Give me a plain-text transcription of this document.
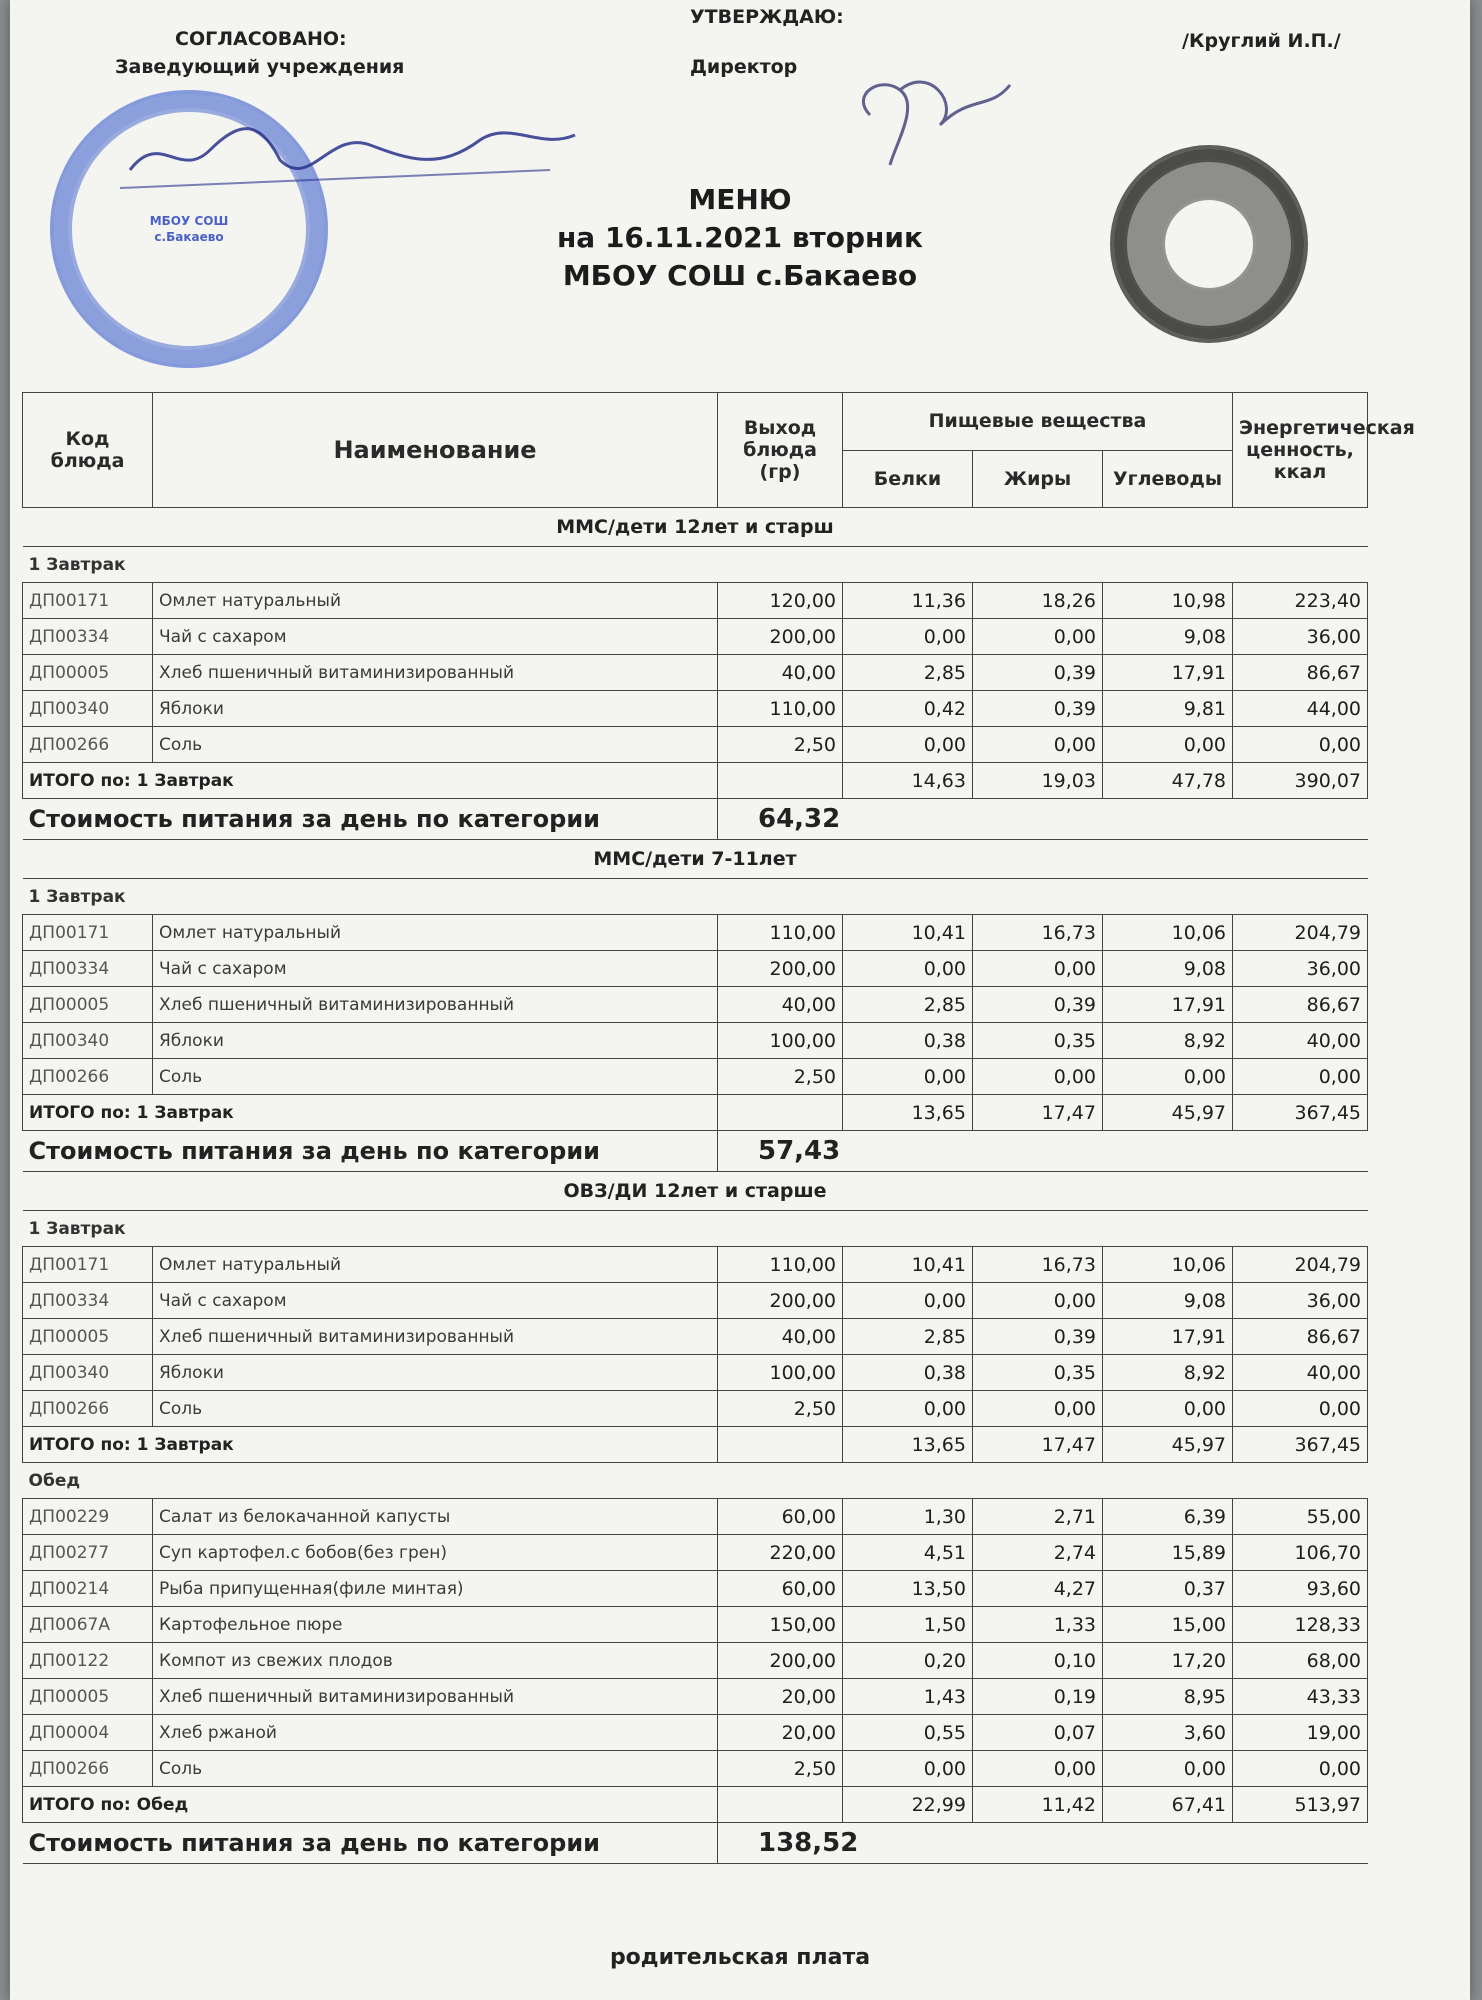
СОГЛАСОВАНО:
Заведующий учреждения
УТВЕРЖДАЮ:
Директор
/Круглий И.П./
МБОУ СОШ
с.Бакаево
МЕНЮ
на 16.11.2021 вторник
МБОУ СОШ с.Бакаево
Код блюда	Наименование	Выход блюда (гр)	Пищевые вещества			Энергетическая ценность, ккал
			Белки	Жиры	Углеводы	
ММС/дети 12лет и старш						
1 Завтрак						
ДП00171	Омлет натуральный	120,00	11,36	18,26	10,98	223,40
ДП00334	Чай с сахаром	200,00	0,00	0,00	9,08	36,00
ДП00005	Хлеб пшеничный витаминизированный	40,00	2,85	0,39	17,91	86,67
ДП00340	Яблоки	110,00	0,42	0,39	9,81	44,00
ДП00266	Соль	2,50	0,00	0,00	0,00	0,00
ИТОГО по: 1 Завтрак			14,63	19,03	47,78	390,07
Стоимость питания за день по категории		64,32				
ММС/дети 7-11лет						
1 Завтрак						
ДП00171	Омлет натуральный	110,00	10,41	16,73	10,06	204,79
ДП00334	Чай с сахаром	200,00	0,00	0,00	9,08	36,00
ДП00005	Хлеб пшеничный витаминизированный	40,00	2,85	0,39	17,91	86,67
ДП00340	Яблоки	100,00	0,38	0,35	8,92	40,00
ДП00266	Соль	2,50	0,00	0,00	0,00	0,00
ИТОГО по: 1 Завтрак			13,65	17,47	45,97	367,45
Стоимость питания за день по категории		57,43				
ОВЗ/ДИ 12лет и старше						
1 Завтрак						
ДП00171	Омлет натуральный	110,00	10,41	16,73	10,06	204,79
ДП00334	Чай с сахаром	200,00	0,00	0,00	9,08	36,00
ДП00005	Хлеб пшеничный витаминизированный	40,00	2,85	0,39	17,91	86,67
ДП00340	Яблоки	100,00	0,38	0,35	8,92	40,00
ДП00266	Соль	2,50	0,00	0,00	0,00	0,00
ИТОГО по: 1 Завтрак			13,65	17,47	45,97	367,45
Обед						
ДП00229	Салат из белокачанной капусты	60,00	1,30	2,71	6,39	55,00
ДП00277	Суп картофел.с бобов(без грен)	220,00	4,51	2,74	15,89	106,70
ДП00214	Рыба припущенная(филе минтая)	60,00	13,50	4,27	0,37	93,60
ДП0067А	Картофельное пюре	150,00	1,50	1,33	15,00	128,33
ДП00122	Компот из свежих плодов	200,00	0,20	0,10	17,20	68,00
ДП00005	Хлеб пшеничный витаминизированный	20,00	1,43	0,19	8,95	43,33
ДП00004	Хлеб ржаной	20,00	0,55	0,07	3,60	19,00
ДП00266	Соль	2,50	0,00	0,00	0,00	0,00
ИТОГО по: Обед			22,99	11,42	67,41	513,97
Стоимость питания за день по категории		138,52				
родительская плата
